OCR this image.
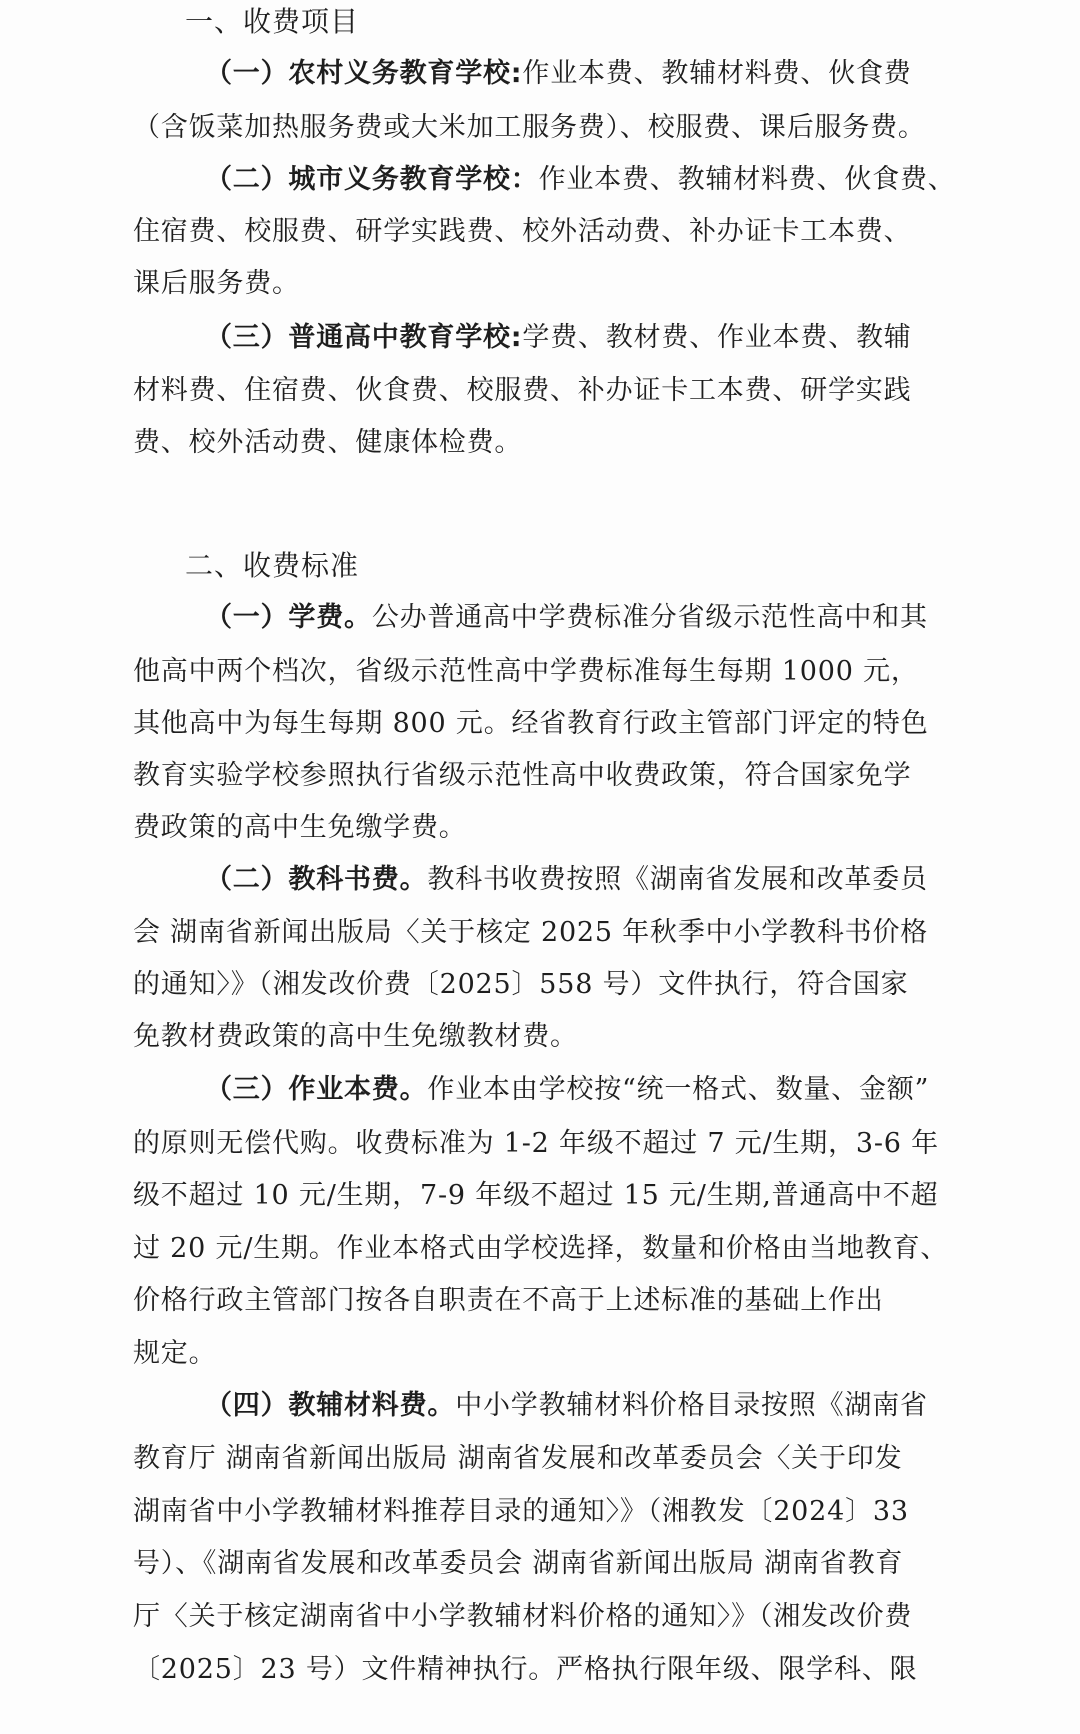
一、收费项目
（一）农村义务教育学校:作业本费、教辅材料费、伙食费
（含饭菜加热服务费或大米加工服务费）、校服费、课后服务费。
（二）城市义务教育学校：作业本费、教辅材料费、伙食费、
住宿费、校服费、研学实践费、校外活动费、补办证卡工本费、
课后服务费。
（三）普通高中教育学校:学费、教材费、作业本费、教辅
材料费、住宿费、伙食费、校服费、补办证卡工本费、研学实践
费、校外活动费、健康体检费。
二、收费标准
（一）学费。公办普通高中学费标准分省级示范性高中和其
他高中两个档次，省级示范性高中学费标准每生每期 1000 元，
其他高中为每生每期 800 元。经省教育行政主管部门评定的特色
教育实验学校参照执行省级示范性高中收费政策，符合国家免学
费政策的高中生免缴学费。
（二）教科书费。教科书收费按照《湖南省发展和改革委员
会 湖南省新闻出版局〈关于核定 2025 年秋季中小学教科书价格
的通知〉》（湘发改价费〔2025〕558 号）文件执行，符合国家
免教材费政策的高中生免缴教材费。
（三）作业本费。作业本由学校按“统一格式、数量、金额”
的原则无偿代购。收费标准为 1-2 年级不超过 7 元/生期，3-6 年
级不超过 10 元/生期，7-9 年级不超过 15 元/生期,普通高中不超
过 20 元/生期。作业本格式由学校选择，数量和价格由当地教育、
价格行政主管部门按各自职责在不高于上述标准的基础上作出
规定。
（四）教辅材料费。中小学教辅材料价格目录按照《湖南省
教育厅 湖南省新闻出版局 湖南省发展和改革委员会〈关于印发
湖南省中小学教辅材料推荐目录的通知〉》（湘教发〔2024〕33
号）、《湖南省发展和改革委员会 湖南省新闻出版局 湖南省教育
厅〈关于核定湖南省中小学教辅材料价格的通知〉》（湘发改价费
〔2025〕23 号）文件精神执行。严格执行限年级、限学科、限
